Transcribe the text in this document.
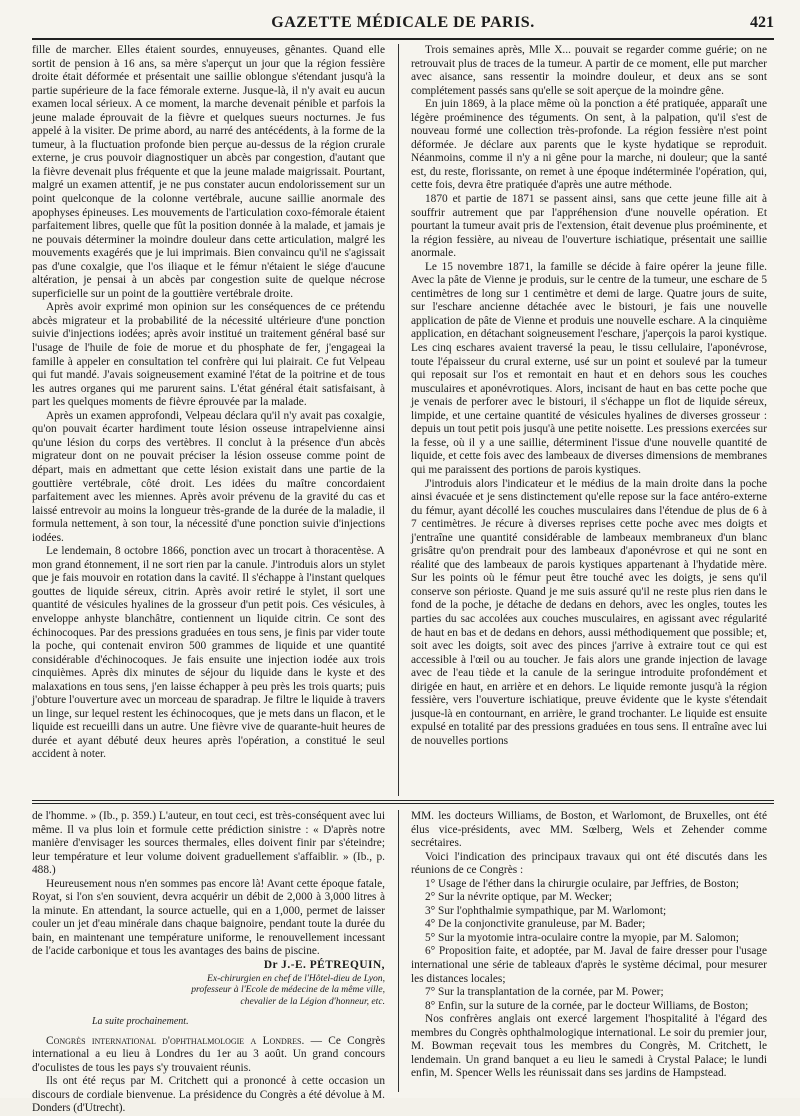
GAZETTE MÉDICALE DE PARIS.	421

fille de marcher. Elles étaient sourdes, ennuyeuses, gênantes. Quand elle sortit de pension à 16 ans, sa mère s'aperçut un jour que la région fessière droite était déformée et présentait une saillie oblongue s'étendant jusqu'à la partie supérieure de la face fémorale externe. Jusque-là, il n'y avait eu aucun examen local sérieux. A ce moment, la marche devenait pénible et parfois la jeune malade éprouvait de la fièvre et quelques sueurs nocturnes. Je fus appelé à la visiter. De prime abord, au narré des antécédents, à la forme de la tumeur, à la fluctuation profonde bien perçue au-dessus de la région crurale externe, je crus pouvoir diagnostiquer un abcès par congestion, d'autant que la fièvre devenait plus fréquente et que la jeune malade maigrissait. Pourtant, malgré un examen attentif, je ne pus constater aucun endolorissement sur un point quelconque de la colonne vertébrale, aucune saillie anormale des apophyses épineuses. Les mouvements de l'articulation coxo-fémorale étaient parfaitement libres, quelle que fût la position donnée à la malade, et jamais je ne pouvais déterminer la moindre douleur dans cette articulation, malgré les mouvements exagérés que je lui imprimais. Bien convaincu qu'il ne s'agissait pas d'une coxalgie, que l'os iliaque et le fémur n'étaient le siége d'aucune altération, je pensai à un abcès par congestion suite de quelque nécrose superficielle sur un point de la gouttière vertébrale droite.

Après avoir exprimé mon opinion sur les conséquences de ce prétendu abcès migrateur et la probabilité de la nécessité ultérieure d'une ponction suivie d'injections iodées; après avoir institué un traitement général basé sur l'usage de l'huile de foie de morue et du phosphate de fer, j'engageai la famille à appeler en consultation tel confrère qui lui plairait. Ce fut Velpeau qui fut mandé. J'avais soigneusement examiné l'état de la poitrine et de tous les autres organes qui me parurent sains. L'état général était satisfaisant, à part les quelques moments de fièvre éprouvée par la malade.

Après un examen approfondi, Velpeau déclara qu'il n'y avait pas coxalgie, qu'on pouvait écarter hardiment toute lésion osseuse intrapelvienne ainsi qu'une lésion du corps des vertèbres. Il conclut à la présence d'un abcès migrateur dont on ne pouvait préciser la lésion osseuse comme point de départ, mais en admettant que cette lésion existait dans une partie de la gouttière vertébrale, côté droit. Les idées du maître concordaient parfaitement avec les miennes. Après avoir prévenu de la gravité du cas et laissé entrevoir au moins la longueur très-grande de la durée de la maladie, il formula nettement, à son tour, la nécessité d'une ponction suivie d'injections iodées.

Le lendemain, 8 octobre 1866, ponction avec un trocart à thoracentèse. A mon grand étonnement, il ne sort rien par la canule. J'introduis alors un stylet que je fais mouvoir en rotation dans la cavité. Il s'échappe à l'instant quelques gouttes de liquide séreux, citrin. Après avoir retiré le stylet, il sort une quantité de vésicules hyalines de la grosseur d'un petit pois. Ces vésicules, à enveloppe anhyste blanchâtre, contiennent un liquide citrin. Ce sont des échinocoques. Par des pressions graduées en tous sens, je finis par vider toute la poche, qui contenait environ 500 grammes de liquide et une quantité considérable d'échinocoques. Je fais ensuite une injection iodée aux trois cinquièmes. Après dix minutes de séjour du liquide dans le kyste et des malaxations en tous sens, j'en laisse échapper à peu près les trois quarts; puis j'obture l'ouverture avec un morceau de sparadrap. Je filtre le liquide à travers un linge, sur lequel restent les échinocoques, que je mets dans un flacon, et le liquide est recueilli dans un autre. Une fièvre vive de quarante-huit heures de durée et ayant débuté deux heures après l'opération, a constitué le seul accident à noter.

Trois semaines après, Mlle X... pouvait se regarder comme guérie; on ne retrouvait plus de traces de la tumeur. A partir de ce moment, elle put marcher avec aisance, sans ressentir la moindre douleur, et deux ans se sont complétement passés sans qu'elle se soit aperçue de la moindre gêne.

En juin 1869, à la place même où la ponction a été pratiquée, apparaît une légère proéminence des téguments. On sent, à la palpation, qu'il s'est de nouveau formé une collection très-profonde. La région fessière n'est point déformée. Je déclare aux parents que le kyste hydatique se reproduit. Néanmoins, comme il n'y a ni gêne pour la marche, ni douleur; que la santé est, du reste, florissante, on remet à une époque indéterminée l'opération, qui, cette fois, devra être pratiquée d'après une autre méthode.

1870 et partie de 1871 se passent ainsi, sans que cette jeune fille ait à souffrir autrement que par l'appréhension d'une nouvelle opération. Et pourtant la tumeur avait pris de l'extension, était devenue plus proéminente, et la région fessière, au niveau de l'ouverture ischiatique, présentait une saillie anormale.

Le 15 novembre 1871, la famille se décide à faire opérer la jeune fille. Avec la pâte de Vienne je produis, sur le centre de la tumeur, une eschare de 5 centimètres de long sur 1 centimètre et demi de large. Quatre jours de suite, sur l'eschare ancienne détachée avec le bistouri, je fais une nouvelle application de pâte de Vienne et produis une nouvelle eschare. A la cinquième application, en détachant soigneusement l'eschare, j'aperçois la paroi kystique. Les cinq eschares avaient traversé la peau, le tissu cellulaire, l'aponévrose, toute l'épaisseur du crural externe, usé sur un point et soulevé par la tumeur qui reposait sur l'os et remontait en haut et en dehors sous les couches musculaires et aponévrotiques. Alors, incisant de haut en bas cette poche que je venais de perforer avec le bistouri, il s'échappe un flot de liquide séreux, limpide, et une certaine quantité de vésicules hyalines de diverses grosseur : depuis un tout petit pois jusqu'à une petite noisette. Les pressions exercées sur la fesse, où il y a une saillie, déterminent l'issue d'une nouvelle quantité de liquide, et cette fois avec des lambeaux de diverses dimensions de membranes qui me paraissent des portions de parois kystiques.

J'introduis alors l'indicateur et le médius de la main droite dans la poche ainsi évacuée et je sens distinctement qu'elle repose sur la face antéro-externe du fémur, ayant décollé les couches musculaires dans l'étendue de plus de 6 à 7 centimètres. Je récure à diverses reprises cette poche avec mes doigts et j'entraîne une quantité considérable de lambeaux membraneux d'un blanc grisâtre qu'on prendrait pour des lambeaux d'aponévrose et qui ne sont en réalité que des lambeaux de parois kystiques appartenant à l'hydatide mère. Sur les points où le fémur peut être touché avec les doigts, je sens qu'il conserve son périoste. Quand je me suis assuré qu'il ne reste plus rien dans le fond de la poche, je détache de dedans en dehors, avec les ongles, toutes les parties du sac accolées aux couches musculaires, en agissant avec régularité de haut en bas et de dedans en dehors, aussi méthodiquement que possible; et, soit avec les doigts, soit avec des pinces j'arrive à extraire tout ce qui est accessible à l'œil ou au toucher. Je fais alors une grande injection de lavage avec de l'eau tiède et la canule de la seringue introduite profondément et dirigée en haut, en arrière et en dehors. Le liquide remonte jusqu'à la région fessière, vers l'ouverture ischiatique, preuve évidente que le kyste s'étendait jusque-là en contournant, en arrière, le grand trochanter. Le liquide est ensuite expulsé en totalité par des pressions graduées en tous sens. Il entraîne avec lui de nouvelles portions

de l'homme. » (Ib., p. 359.) L'auteur, en tout ceci, est très-conséquent avec lui même. Il va plus loin et formule cette prédiction sinistre : « D'après notre manière d'envisager les sources thermales, elles doivent finir par s'éteindre; leur température et leur volume doivent graduellement s'affaiblir. » (Ib., p. 488.)

Heureusement nous n'en sommes pas encore là! Avant cette époque fatale, Royat, si l'on s'en souvient, devra acquérir un débit de 2,000 à 3,000 litres à la minute. En attendant, la source actuelle, qui en a 1,000, permet de laisser couler un jet d'eau minérale dans chaque baignoire, pendant toute la durée du bain, en maintenant une température uniforme, le renouvellement incessant de l'acide carbonique et tous les avantages des bains de piscine.

Dr J.-E. PÉTREQUIN,

Ex-chirurgien en chef de l'Hôtel-dieu de Lyon,

professeur à l'Ecole de médecine de la même ville,

chevalier de la Légion d'honneur, etc.

La suite prochainement.

Congrès international d'ophthalmologie a Londres. — Ce Congrès international a eu lieu à Londres du 1er au 3 août. Un grand concours d'oculistes de tous les pays s'y trouvaient réunis.

Ils ont été reçus par M. Critchett qui a prononcé à cette occasion un discours de cordiale bienvenue. La présidence du Congrès a été dévolue à M. Donders (d'Utrecht).

MM. les docteurs Williams, de Boston, et Warlomont, de Bruxelles, ont été élus vice-présidents, avec MM. Sœlberg, Wels et Zehender comme secrétaires.

Voici l'indication des principaux travaux qui ont été discutés dans les réunions de ce Congrès :

1° Usage de l'éther dans la chirurgie oculaire, par Jeffries, de Boston;

2° Sur la névrite optique, par M. Wecker;

3° Sur l'ophthalmie sympathique, par M. Warlomont;

4° De la conjonctivite granuleuse, par M. Bader;

5° Sur la myotomie intra-oculaire contre la myopie, par M. Salomon;

6° Proposition faite, et adoptée, par M. Javal de faire dresser pour l'usage international une série de tableaux d'après le système décimal, pour mesurer les distances locales;

7° Sur la transplantation de la cornée, par M. Power;

8° Enfin, sur la suture de la cornée, par le docteur Williams, de Boston;

Nos confrères anglais ont exercé largement l'hospitalité à l'égard des membres du Congrès ophthalmologique international. Le soir du premier jour, M. Bowman reçevait tous les membres du Congrès, M. Critchett, le lendemain. Un grand banquet a eu lieu le samedi à Crystal Palace; le lundi enfin, M. Spencer Wells les réunissait dans ses jardins de Hampstead.
